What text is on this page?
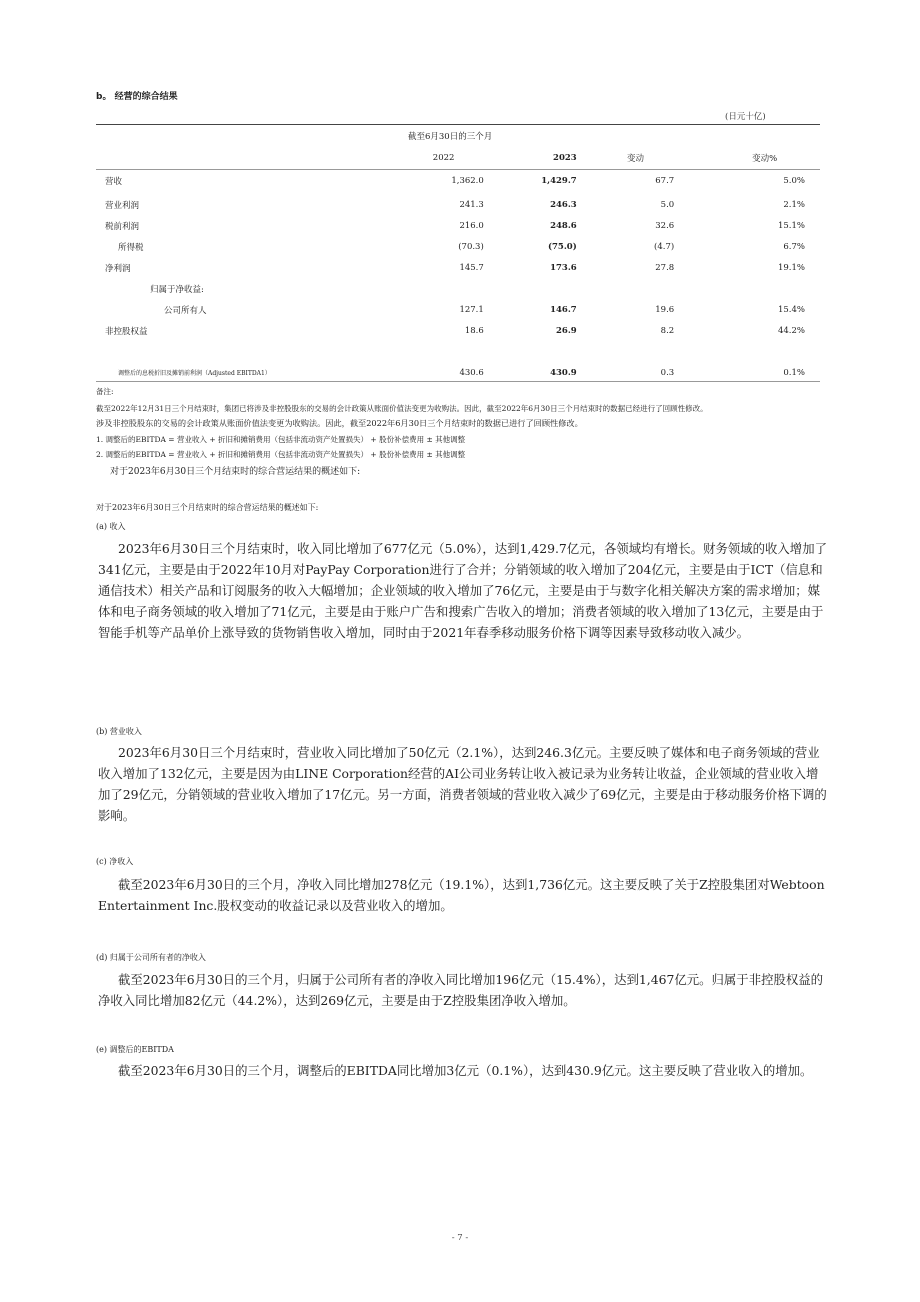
b。 经营的综合结果
(日元十亿)
	截至6月30日的三个月			
	2022	2023	变动	变动%
营收	1,362.0	1,429.7	67.7	5.0%
营业利润	241.3	246.3	5.0	2.1%
税前利润	216.0	248.6	32.6	15.1%
所得税	(70.3)	(75.0)	(4.7)	6.7%
净利润	145.7	173.6	27.8	19.1%
归属于净收益:				
公司所有人	127.1	146.7	19.6	15.4%
非控股权益	18.6	26.9	8.2	44.2%

调整后的息税折旧及摊销前利润（Adjusted EBITDA1）	430.6	430.9	0.3	0.1%
备注:
截至2022年12月31日三个月结束时，集团已将涉及非控股股东的交易的会计政策从账面价值法变更为收购法。因此，截至2022年6月30日三个月结束时的数据已经进行了回顾性修改。
涉及非控股股东的交易的会计政策从账面价值法变更为收购法。因此，截至2022年6月30日三个月结束时的数据已进行了回顾性修改。
1. 调整后的EBITDA = 营业收入 + 折旧和摊销费用（包括非流动资产处置损失） + 股份补偿费用 ± 其他调整
2. 调整后的EBITDA = 营业收入 + 折旧和摊销费用（包括非流动资产处置损失） + 股份补偿费用 ± 其他调整
对于2023年6月30日三个月结束时的综合营运结果的概述如下:
对于2023年6月30日三个月结束时的综合营运结果的概述如下:
(a) 收入
2023年6月30日三个月结束时，收入同比增加了677亿元（5.0%），达到1,429.7亿元，各领域均有增长。财务领域的收入增加了341亿元，主要是由于2022年10月对PayPay Corporation进行了合并；分销领域的收入增加了204亿元，主要是由于ICT（信息和通信技术）相关产品和订阅服务的收入大幅增加；企业领域的收入增加了76亿元，主要是由于与数字化相关解决方案的需求增加；媒体和电子商务领域的收入增加了71亿元，主要是由于账户广告和搜索广告收入的增加；消费者领域的收入增加了13亿元，主要是由于智能手机等产品单价上涨导致的货物销售收入增加，同时由于2021年春季移动服务价格下调等因素导致移动收入减少。
(b) 营业收入
2023年6月30日三个月结束时，营业收入同比增加了50亿元（2.1%），达到246.3亿元。主要反映了媒体和电子商务领域的营业收入增加了132亿元，主要是因为由LINE Corporation经营的AI公司业务转让收入被记录为业务转让收益，企业领域的营业收入增加了29亿元，分销领域的营业收入增加了17亿元。另一方面，消费者领域的营业收入减少了69亿元，主要是由于移动服务价格下调的影响。
(c) 净收入
截至2023年6月30日的三个月，净收入同比增加278亿元（19.1%），达到1,736亿元。这主要反映了关于Z控股集团对Webtoon Entertainment Inc.股权变动的收益记录以及营业收入的增加。
(d) 归属于公司所有者的净收入
截至2023年6月30日的三个月，归属于公司所有者的净收入同比增加196亿元（15.4%），达到1,467亿元。归属于非控股权益的净收入同比增加82亿元（44.2%），达到269亿元，主要是由于Z控股集团净收入增加。
(e) 调整后的EBITDA
截至2023年6月30日的三个月，调整后的EBITDA同比增加3亿元（0.1%），达到430.9亿元。这主要反映了营业收入的增加。
- 7 -
